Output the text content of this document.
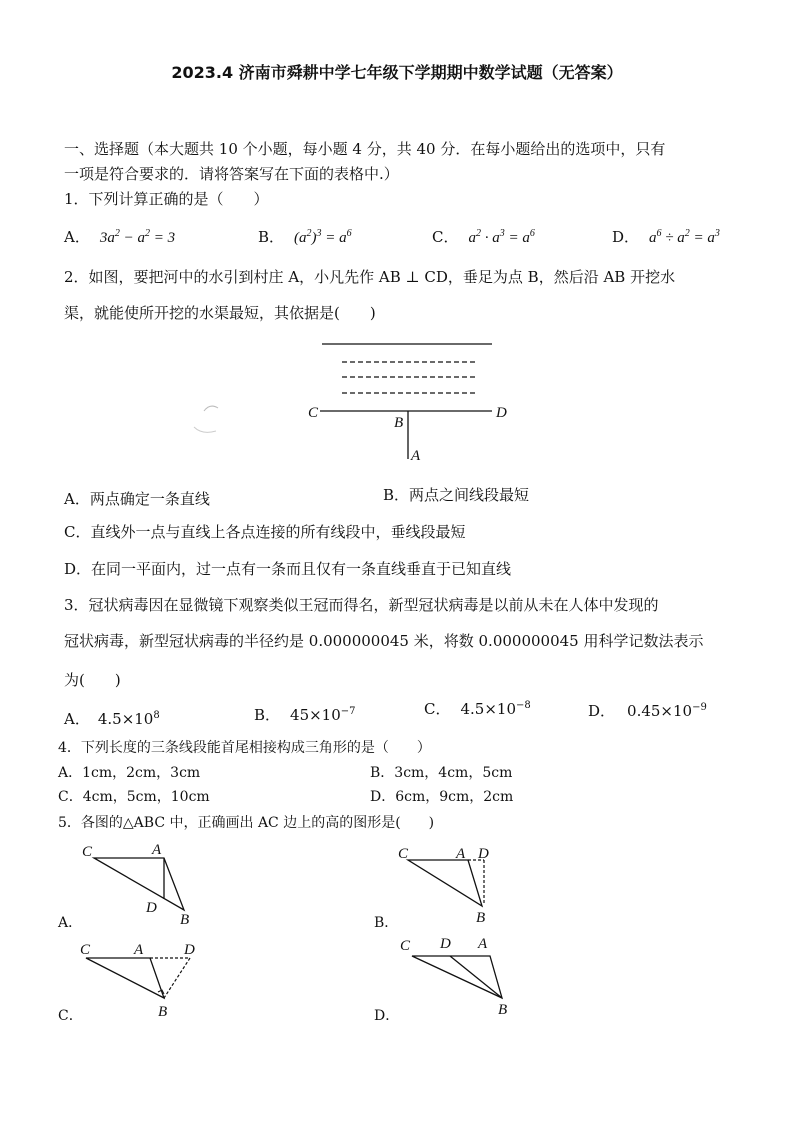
2023.4 济南市舜耕中学七年级下学期期中数学试题（无答案）
一、选择题（本大题共 10 个小题，每小题 4 分，共 40 分．在每小题给出的选项中，只有
一项是符合要求的．请将答案写在下面的表格中.）
1．下列计算正确的是（　　）
A． $3a^2 - a^2 = 3$	B． $(a^2)^3 = a^6$	C． $a^2 \cdot a^3 = a^6$	D． $a^6 \div a^2 = a^3$
2．如图，要把河中的水引到村庄 A，小凡先作 AB ⊥ CD，垂足为点 B，然后沿 AB 开挖水
渠，就能使所开挖的水渠最短，其依据是(　　)
C	D
B
A
A．两点确定一条直线	B．两点之间线段最短
C．直线外一点与直线上各点连接的所有线段中，垂线段最短
D．在同一平面内，过一点有一条而且仅有一条直线垂直于已知直线
3．冠状病毒因在显微镜下观察类似王冠而得名，新型冠状病毒是以前从未在人体中发现的
冠状病毒，新型冠状病毒的半径约是 0.000000045 米，将数 0.000000045 用科学记数法表示
为(　　)
A． $4.5\times 10^8$	B． $45\times 10^{-7}$	C． $4.5\times 10^{-8}$	D． $0.45\times 10^{-9}$
4．下列长度的三条线段能首尾相接构成三角形的是（　　）
A．1cm，2cm，3cm	B．3cm，4cm，5cm
C．4cm，5cm，10cm	D．6cm，9cm，2cm
5．各图的△ABC 中，正确画出 AC 边上的高的图形是(　　)
C	A
D
B
A．
C	A D
B
B．
C	A	D
B
C．
C D A
B
D．
